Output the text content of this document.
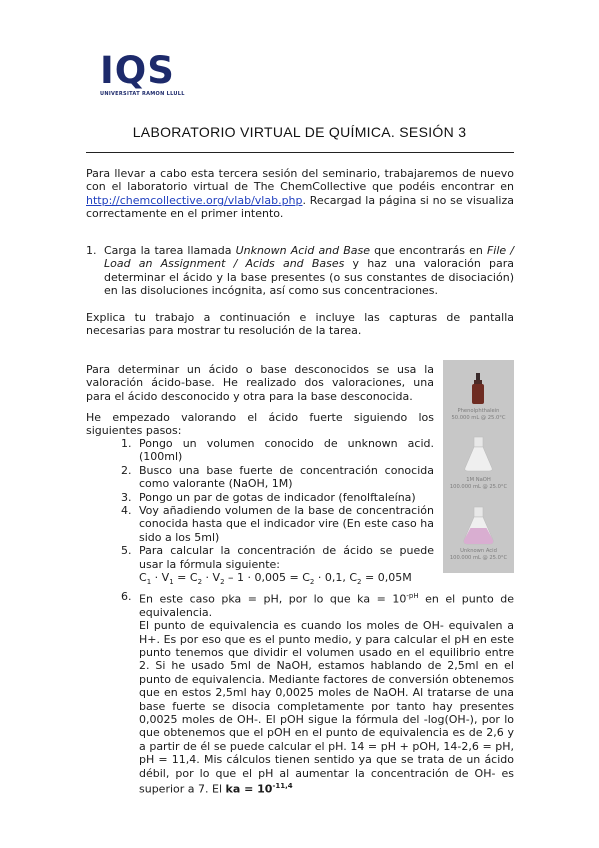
IQS
UNIVERSITAT RAMON LLULL
LABORATORIO VIRTUAL DE QUÍMICA. SESIÓN 3
Para llevar a cabo esta tercera sesión del seminario, trabajaremos de nuevo con el laboratorio virtual de The ChemCollective que podéis encontrar en http://chemcollective.org/vlab/vlab.php. Recargad la página si no se visualiza correctamente en el primer intento.
1. Carga la tarea llamada Unknown Acid and Base que encontrarás en File / Load an Assignment / Acids and Bases y haz una valoración para determinar el ácido y la base presentes (o sus constantes de disociación) en las disoluciones incógnita, así como sus concentraciones.
Explica tu trabajo a continuación e incluye las capturas de pantalla necesarias para mostrar tu resolución de la tarea.
Para determinar un ácido o base desconocidos se usa la valoración ácido-base. He realizado dos valoraciones, una para el ácido desconocido y otra para la base desconocida.
He empezado valorando el ácido fuerte siguiendo los siguientes pasos:
1. Pongo un volumen conocido de unknown acid. (100ml)
2. Busco una base fuerte de concentración conocida como valorante (NaOH, 1M)
3. Pongo un par de gotas de indicador (fenolftaleína)
4. Voy añadiendo volumen de la base de concentración conocida hasta que el indicador vire (En este caso ha sido a los 5ml)
5. Para calcular la concentración de ácido se puede usar la fórmula siguiente:
$C_1 \cdot V_1 = C_2 \cdot V_2 - 1 \cdot 0,005 = C_2 \cdot 0,1$, $C_2 = 0,05M$
6. En este caso pka = pH, por lo que ka = $10^{-pH}$ en el punto de equivalencia.
El punto de equivalencia es cuando los moles de OH- equivalen a H+. Es por eso que es el punto medio, y para calcular el pH en este punto tenemos que dividir el volumen usado en el equilibrio entre 2. Si he usado 5ml de NaOH, estamos hablando de 2,5ml en el punto de equivalencia. Mediante factores de conversión obtenemos que en estos 2,5ml hay 0,0025 moles de NaOH. Al tratarse de una base fuerte se disocia completamente por tanto hay presentes 0,0025 moles de OH-. El pOH sigue la fórmula del -log(OH-), por lo que obtenemos que el pOH en el punto de equivalencia es de 2,6 y a partir de él se puede calcular el pH. 14 = pH + pOH, 14-2,6 = pH, pH = 11,4. Mis cálculos tienen sentido ya que se trata de un ácido débil, por lo que el pH al aumentar la concentración de OH- es superior a 7. El ka = $10^{-11,4}$
Phenolphthalein
50.000 mL @ 25.0°C
1M NaOH
100.000 mL @ 25.0°C
Unknown Acid
100.000 mL @ 25.0°C
